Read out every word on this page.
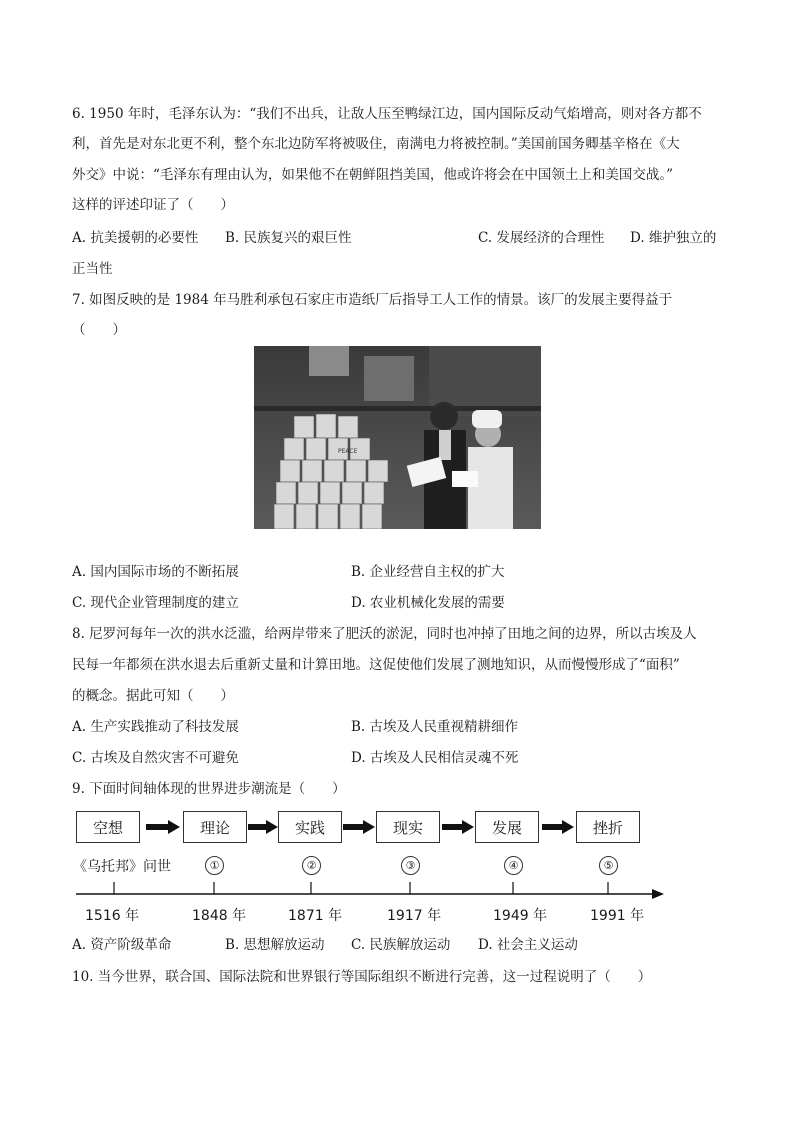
6. 1950 年时，毛泽东认为：“我们不出兵，让敌人压至鸭绿江边，国内国际反动气焰增高，则对各方都不
利，首先是对东北更不利，整个东北边防军将被吸住，南满电力将被控制。”美国前国务卿基辛格在《大
外交》中说：“毛泽东有理由认为，如果他不在朝鲜阻挡美国，他或许将会在中国领土上和美国交战。”
这样的评述印证了（　　）
A. 抗美援朝的必要性 B. 民族复兴的艰巨性	C. 发展经济的合理性 D. 维护独立的
正当性
7. 如图反映的是 1984 年马胜利承包石家庄市造纸厂后指导工人工作的情景。该厂的发展主要得益于
（　　）
PEACE
A. 国内国际市场的不断拓展	B. 企业经营自主权的扩大
C. 现代企业管理制度的建立	D. 农业机械化发展的需要
8. 尼罗河每年一次的洪水泛滥，给两岸带来了肥沃的淤泥，同时也冲掉了田地之间的边界，所以古埃及人
民每一年都须在洪水退去后重新丈量和计算田地。这促使他们发展了测地知识，从而慢慢形成了“面积”
的概念。据此可知（　　）
A. 生产实践推动了科技发展	B. 古埃及人民重视精耕细作
C. 古埃及自然灾害不可避免	D. 古埃及人民相信灵魂不死
9. 下面时间轴体现的世界进步潮流是（　　）
空想	理论	实践	现实	发展	挫折
《乌托邦》问世	①	②	③	④	⑤
1516 年	1848 年	1871 年	1917 年	1949 年	1991 年
A. 资产阶级革命	B. 思想解放运动 C. 民族解放运动 D. 社会主义运动
10. 当今世界，联合国、国际法院和世界银行等国际组织不断进行完善，这一过程说明了（　　）
